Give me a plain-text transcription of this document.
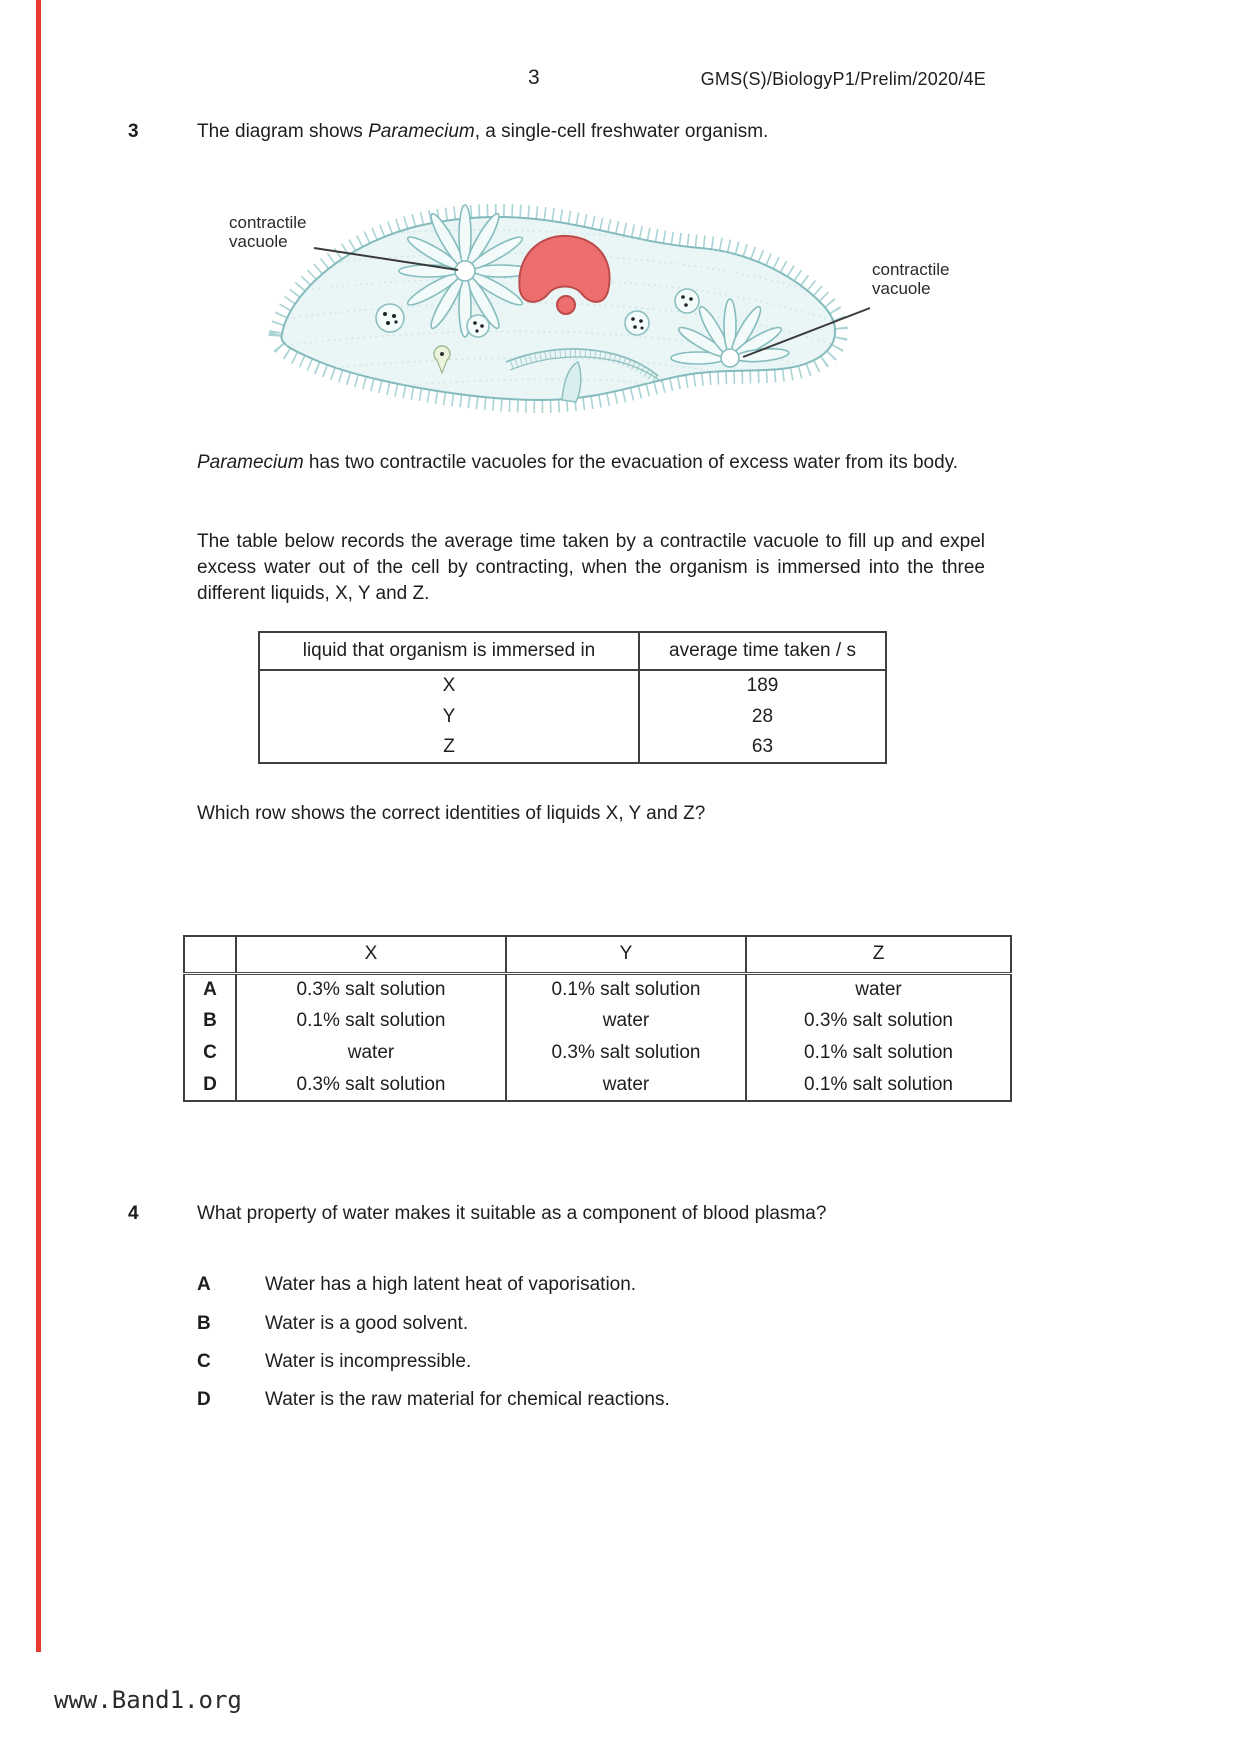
3	GMS(S)/BiologyP1/Prelim/2020/4E
3	The diagram shows Paramecium, a single-cell freshwater organism.
contractile vacuole
contractile vacuole
Paramecium has two contractile vacuoles for the evacuation of excess water from its body.
The table below records the average time taken by a contractile vacuole to fill up and expel excess water out of the cell by contracting, when the organism is immersed into the three different liquids, X, Y and Z.
liquid that organism is immersed in	average time taken / s
X	189
Y	28
Z	63
Which row shows the correct identities of liquids X, Y and Z?
	X	Y	Z
A	0.3% salt solution	0.1% salt solution	water
B	0.1% salt solution	water	0.3% salt solution
C	water	0.3% salt solution	0.1% salt solution
D	0.3% salt solution	water	0.1% salt solution
4	What property of water makes it suitable as a component of blood plasma?
A	Water has a high latent heat of vaporisation.
B	Water is a good solvent.
C	Water is incompressible.
D	Water is the raw material for chemical reactions.
www.Band1.org
